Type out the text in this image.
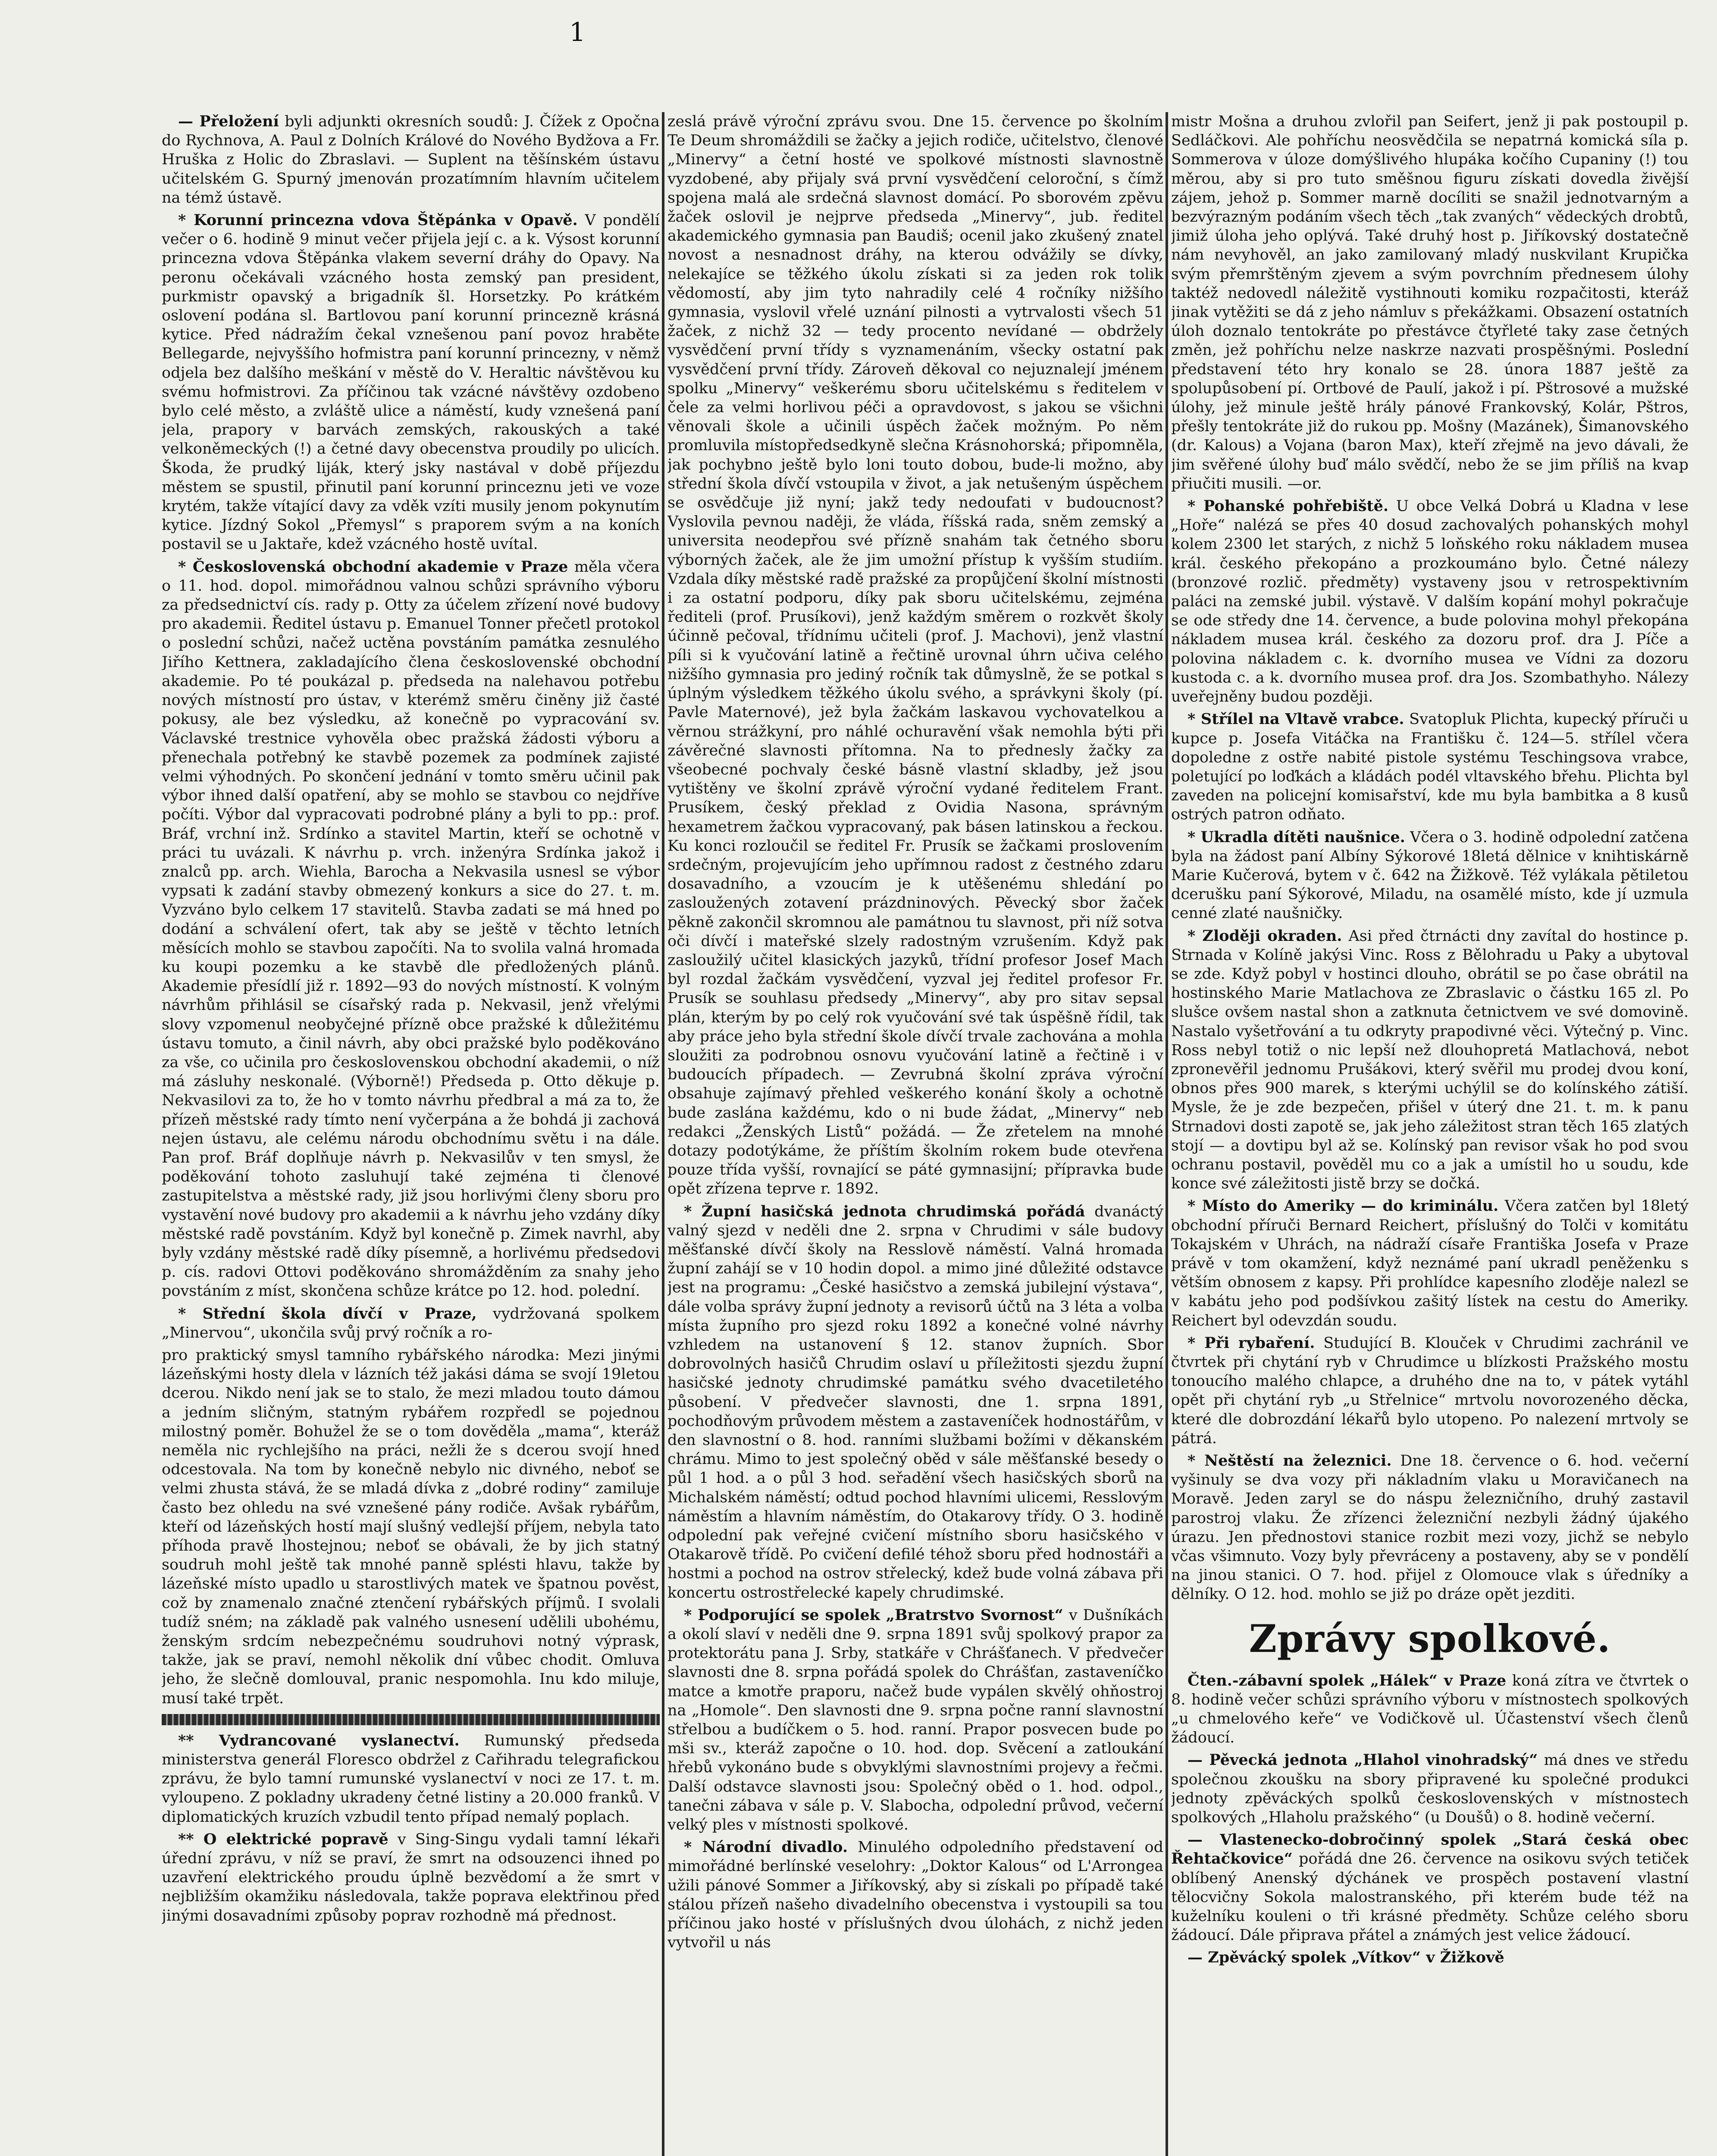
1

— Přeložení byli adjunkti okresních soudů: J. Čížek z Opočna do Rychnova, A. Paul z Dolních Králové do Nového Bydžova a Fr. Hruška z Holic do Zbraslavi. — Suplent na těšínském ústavu učitelském G. Spurný jmenován prozatímním hlavním učitelem na témž ústavě.

* Korunní princezna vdova Štěpánka v Opavě. V pondělí večer o 6. hodině 9 minut večer přijela její c. a k. Výsost korunní princezna vdova Štěpánka vlakem severní dráhy do Opavy. Na peronu očekávali vzácného hosta zemský pan president, purkmistr opavský a brigadník šl. Horsetzky. Po krátkém oslovení podána sl. Bartlovou paní korunní princezně krásná kytice. Před nádražím čekal vznešenou paní povoz hraběte Bellegarde, nejvyššího hofmistra paní korunní princezny, v němž odjela bez dalšího meškání v městě do V. Heraltic návštěvou ku svému hofmistrovi. Za příčinou tak vzácné návštěvy ozdobeno bylo celé město, a zvláště ulice a náměstí, kudy vznešená paní jela, prapory v barvách zemských, rakouských a také velkoněmeckých (!) a četné davy obecenstva proudily po ulicích. Škoda, že prudký liják, který jsky nastával v době příjezdu městem se spustil, přinutil paní korunní princeznu jeti ve voze krytém, takže vítající davy za vděk vzíti musily jenom pokynutím kytice. Jízdný Sokol „Přemysl“ s praporem svým a na koních postavil se u Jaktaře, kdež vzácného hostě uvítal.

* Československá obchodní akademie v Praze měla včera o 11. hod. dopol. mimořádnou valnou schůzi správního výboru za předsednictví cís. rady p. Otty za účelem zřízení nové budovy pro akademii. Ředitel ústavu p. Emanuel Tonner přečetl protokol o poslední schůzi, načež uctěna povstáním památka zesnulého Jiřího Kettnera, zakladajícího člena československé obchodní akademie. Po té poukázal p. předseda na nalehavou potřebu nových místností pro ústav, v kterémž směru činěny již časté pokusy, ale bez výsledku, až konečně po vypracování sv. Václavské trestnice vyhověla obec pražská žádosti výboru a přenechala potřebný ke stavbě pozemek za podmínek zajisté velmi výhodných. Po skončení jednání v tomto směru učinil pak výbor ihned další opatření, aby se mohlo se stavbou co nejdříve počíti. Výbor dal vypracovati podrobné plány a byli to pp.: prof. Bráf, vrchní inž. Srdínko a stavitel Martin, kteří se ochotně v práci tu uvázali. K návrhu p. vrch. inženýra Srdínka jakož i znalců pp. arch. Wiehla, Barocha a Nekvasila usnesl se výbor vypsati k zadání stavby obmezený konkurs a sice do 27. t. m. Vyzváno bylo celkem 17 stavitelů. Stavba zadati se má hned po dodání a schválení ofert, tak aby se ještě v těchto letních měsících mohlo se stavbou započíti. Na to svolila valná hromada ku koupi pozemku a ke stavbě dle předložených plánů. Akademie přesídlí již r. 1892—93 do nových místností. K volným návrhům přihlásil se císařský rada p. Nekvasil, jenž vřelými slovy vzpomenul neobyčejné přízně obce pražské k důležitému ústavu tomuto, a činil návrh, aby obci pražské bylo poděkováno za vše, co učinila pro československou obchodní akademii, o níž má zásluhy neskonalé. (Výborně!) Předseda p. Otto děkuje p. Nekvasilovi za to, že ho v tomto návrhu předbral a má za to, že přízeň městské rady tímto není vyčerpána a že bohdá ji zachová nejen ústavu, ale celému národu obchodnímu světu i na dále. Pan prof. Bráf doplňuje návrh p. Nekvasilův v ten smysl, že poděkování tohoto zasluhují také zejména ti členové zastupitelstva a městské rady, již jsou horlivými členy sboru pro vystavění nové budovy pro akademii a k návrhu jeho vzdány díky městské radě povstáním. Když byl konečně p. Zimek navrhl, aby byly vzdány městské radě díky písemně, a horlivému předsedovi p. cís. radovi Ottovi poděkováno shromážděním za snahy jeho povstáním z míst, skončena schůze krátce po 12. hod. polední.

* Střední škola dívčí v Praze, vydržovaná spolkem „Minervou“, ukončila svůj prvý ročník a ro-

pro praktický smysl tamního rybářského národka: Mezi jinými lázeňskými hosty dlela v lázních též jakási dáma se svojí 19letou dcerou. Nikdo není jak se to stalo, že mezi mladou touto dámou a jedním sličným, statným rybářem rozpředl se pojednou milostný poměr. Bohužel že se o tom dověděla „mama“, kteráž neměla nic rychlejšího na práci, nežli že s dcerou svojí hned odcestovala. Na tom by konečně nebylo nic divného, neboť se velmi zhusta stává, že se mladá dívka z „dobré rodiny“ zamiluje často bez ohledu na své vznešené pány rodiče. Avšak rybářům, kteří od lázeňských hostí mají slušný vedlejší příjem, nebyla tato příhoda pravě lhostejnou; neboť se obávali, že by jich statný soudruh mohl ještě tak mnohé panně splésti hlavu, takže by lázeňské místo upadlo u starostlivých matek ve špatnou pověst, což by znamenalo značné ztenčení rybářských příjmů. I svolali tudíž sném; na základě pak valného usnesení udělili ubohému, ženským srdcím nebezpečnému soudruhovi notný výprask, takže, jak se praví, nemohl několik dní vůbec chodit. Omluva jeho, že slečně domlouval, pranic nespomohla. Inu kdo miluje, musí také trpět.

** Vydrancované vyslanectví. Rumunský předseda ministerstva generál Floresco obdržel z Cařihradu telegrafickou zprávu, že bylo tamní rumunské vyslanectví v noci ze 17. t. m. vyloupeno. Z pokladny ukradeny četné listiny a 20.000 franků. V diplomatických kruzích vzbudil tento případ nemalý poplach.

** O elektrické popravě v Sing-Singu vydali tamní lékaři úřední zprávu, v níž se praví, že smrt na odsouzenci ihned po uzavření elektrického proudu úplně bezvědomí a že smrt v nejbližším okamžiku následovala, takže poprava elektřinou před jinými dosavadními způsoby poprav rozhodně má přednost.

zeslá právě výroční zprávu svou. Dne 15. července po školním Te Deum shromáždili se žačky a jejich rodiče, učitelstvo, členové „Minervy“ a četní hosté ve spolkové místnosti slavnostně vyzdobené, aby přijaly svá první vysvědčení celoroční, s čímž spojena malá ale srdečná slavnost domácí. Po sborovém zpěvu žaček oslovil je nejprve předseda „Minervy“, jub. ředitel akademického gymnasia pan Baudiš; ocenil jako zkušený znatel novost a nesnadnost dráhy, na kterou odvážily se dívky, nelekajíce se těžkého úkolu získati si za jeden rok tolik vědomostí, aby jim tyto nahradily celé 4 ročníky nižšího gymnasia, vyslovil vřelé uznání pilnosti a vytrvalosti všech 51 žaček, z nichž 32 — tedy procento nevídané — obdržely vysvědčení první třídy s vyznamenáním, všecky ostatní pak vysvědčení první třídy. Zároveň děkoval co nejuznalejí jménem spolku „Minervy“ veškerému sboru učitelskému s ředitelem v čele za velmi horlivou péči a opravdovost, s jakou se všichni věnovali škole a učinili úspěch žaček možným. Po něm promluvila místopředsedkyně slečna Krásnohorská; připomněla, jak pochybno ještě bylo loni touto dobou, bude-li možno, aby střední škola dívčí vstoupila v život, a jak netušeným úspěchem se osvědčuje již nyní; jakž tedy nedoufati v budoucnost? Vyslovila pevnou naději, že vláda, říšská rada, sněm zemský a universita neodepřou své přízně snahám tak četného sboru výborných žaček, ale že jim umožní přístup k vyšším studiím. Vzdala díky městské radě pražské za propůjčení školní místnosti i za ostatní podporu, díky pak sboru učitelskému, zejména řediteli (prof. Prusíkovi), jenž každým směrem o rozkvět školy účinně pečoval, třídnímu učiteli (prof. J. Machovi), jenž vlastní píli si k vyučování latině a řečtině urovnal úhrn učiva celého nižšího gymnasia pro jediný ročník tak důmyslně, že se potkal s úplným výsledkem těžkého úkolu svého, a správkyni školy (pí. Pavle Maternové), jež byla žačkám laskavou vychovatelkou a věrnou strážkyní, pro náhlé ochuravění však nemohla býti při závěrečné slavnosti přítomna. Na to přednesly žačky za všeobecné pochvaly české básně vlastní skladby, jež jsou vytištěny ve školní zprávě výroční vydané ředitelem Frant. Prusíkem, český překlad z Ovidia Nasona, správným hexametrem žačkou vypracovaný, pak básen latinskou a řeckou. Ku konci rozloučil se ředitel Fr. Prusík se žačkami proslovením srdečným, projevujícím jeho upřímnou radost z čestného zdaru dosavadního, a vzoucím je k utěšenému shledání po zasloužených zotavení prázdninových. Pěvecký sbor žaček pěkně zakončil skromnou ale památnou tu slavnost, při níž sotva oči dívčí i mateřské slzely radostným vzrušením. Když pak zasloužilý učitel klasických jazyků, třídní profesor Josef Mach byl rozdal žačkám vysvědčení, vyzval jej ředitel profesor Fr. Prusík se souhlasu předsedy „Minervy“, aby pro sitav sepsal plán, kterým by po celý rok vyučování své tak úspěšně řídil, tak aby práce jeho byla střední škole dívčí trvale zachována a mohla sloužiti za podrobnou osnovu vyučování latině a řečtině i v budoucích případech. — Zevrubná školní zpráva výroční obsahuje zajímavý přehled veškerého konání školy a ochotně bude zaslána každému, kdo o ni bude žádat, „Minervy“ neb redakci „Ženských Listů“ požádá. — Že zřetelem na mnohé dotazy podotýkáme, že příštím školním rokem bude otevřena pouze třída vyšší, rovnající se páté gymnasijní; přípravka bude opět zřízena teprve r. 1892.

* Župní hasičská jednota chrudimská pořádá dvanáctý valný sjezd v neděli dne 2. srpna v Chrudimi v sále budovy měšťanské dívčí školy na Resslově náměstí. Valná hromada župní zahájí se v 10 hodin dopol. a mimo jiné důležité odstavce jest na programu: „České hasičstvo a zemská jubilejní výstava“, dále volba správy župní jednoty a revisorů účtů na 3 léta a volba místa župního pro sjezd roku 1892 a konečné volné návrhy vzhledem na ustanovení § 12. stanov župních. Sbor dobrovolných hasičů Chrudim oslaví u příležitosti sjezdu župní hasičské jednoty chrudimské památku svého dvacetiletého působení. V předvečer slavnosti, dne 1. srpna 1891, pochodňovým průvodem městem a zastaveníček hodnostářům, v den slavnostní o 8. hod. ranními službami božími v děkanském chrámu. Mimo to jest společný oběd v sále měšťanské besedy o půl 1 hod. a o půl 3 hod. seřadění všech hasičských sborů na Michalském náměstí; odtud pochod hlavními ulicemi, Resslovým náměstím a hlavním náměstím, do Otakarovy třídy. O 3. hodině odpolední pak veřejné cvičení místního sboru hasičského v Otakarově třídě. Po cvičení defilé téhož sboru před hodnostáři a hostmi a pochod na ostrov střelecký, kdež bude volná zábava při koncertu ostrostřelecké kapely chrudimské.

* Podporující se spolek „Bratrstvo Svornost“ v Dušníkách a okolí slaví v neděli dne 9. srpna 1891 svůj spolkový prapor za protektorátu pana J. Srby, statkáře v Chrášťanech. V předvečer slavnosti dne 8. srpna pořádá spolek do Chrášťan, zastaveníčko matce a kmotře praporu, načež bude vypálen skvělý ohňostroj na „Homole“. Den slavnosti dne 9. srpna počne ranní slavnostní střelbou a budíčkem o 5. hod. ranní. Prapor posvecen bude po mši sv., kteráž započne o 10. hod. dop. Svěcení a zatloukání hřebů vykonáno bude s obvyklými slavnostními projevy a řečmi. Další odstavce slavnosti jsou: Společný oběd o 1. hod. odpol., tanečni zábava v sále p. V. Slabocha, odpolední průvod, večerní velký ples v místnosti spolkové.

* Národní divadlo. Minulého odpoledního představení od mimořádné berlínské veselohry: „Doktor Kalous“ od L'Arrongea užili pánové Sommer a Jiříkovský, aby si získali po případě také stálou přízeň našeho divadelního obecenstva i vystoupili sa tou příčinou jako hosté v příslušných dvou úlohách, z nichž jeden vytvořil u nás

mistr Mošna a druhou zvlořil pan Seifert, jenž ji pak postoupil p. Sedláčkovi. Ale pohříchu neosvědčila se nepatrná komická síla p. Sommerova v úloze domýšlivého hlupáka kočího Cupaniny (!) tou měrou, aby si pro tuto směšnou figuru získati dovedla živější zájem, jehož p. Sommer marně docíliti se snažil jednotvarným a bezvýrazným podáním všech těch „tak zvaných“ vědeckých drobtů, jimiž úloha jeho oplývá. Také druhý host p. Jiříkovský dostatečně nám nevyhověl, an jako zamilovaný mladý nuskvilant Krupička svým přemrštěným zjevem a svým povrchním přednesem úlohy taktéž nedovedl náležitě vystihnouti komiku rozpačitosti, kteráž jinak vytěžiti se dá z jeho námluv s překážkami. Obsazení ostatních úloh doznalo tentokráte po přestávce čtyřleté taky zase četných změn, jež pohříchu nelze naskrze nazvati prospěšnými. Poslední představení této hry konalo se 28. února 1887 ještě za spolupůsobení pí. Ortbové de Paulí, jakož i pí. Pštrosové a mužské úlohy, jež minule ještě hrály pánové Frankovský, Kolár, Pštros, přešly tentokráte již do rukou pp. Mošny (Mazánek), Šimanovského (dr. Kalous) a Vojana (baron Max), kteří zřejmě na jevo dávali, že jim svěřené úlohy buď málo svědčí, nebo že se jim příliš na kvap přiučiti musili. —or.

* Pohanské pohřebiště. U obce Velká Dobrá u Kladna v lese „Hoře“ nalézá se přes 40 dosud zachovalých pohanských mohyl kolem 2300 let starých, z nichž 5 loňského roku nákladem musea král. českého překopáno a prozkoumáno bylo. Četné nálezy (bronzové rozlič. předměty) vystaveny jsou v retrospektivním paláci na zemské jubil. výstavě. V dalším kopání mohyl pokračuje se ode středy dne 14. července, a bude polovina mohyl překopána nákladem musea král. českého za dozoru prof. dra J. Píče a polovina nákladem c. k. dvorního musea ve Vídni za dozoru kustoda c. a k. dvorního musea prof. dra Jos. Szombathyho. Nálezy uveřejněny budou později.

* Střílel na Vltavě vrabce. Svatopluk Plichta, kupecký příruči u kupce p. Josefa Vitáčka na Františku č. 124—5. střílel včera dopoledne z ostře nabité pistole systému Teschingsova vrabce, poletující po loďkách a kládách podél vltavského břehu. Plichta byl zaveden na policejní komisařství, kde mu byla bambitka a 8 kusů ostrých patron odňato.

* Ukradla dítěti naušnice. Včera o 3. hodině odpolední zatčena byla na žádost paní Albíny Sýkorové 18letá dělnice v knihtiskárně Marie Kučerová, bytem v č. 642 na Žižkově. Též vylákala pětiletou dcerušku paní Sýkorové, Miladu, na osamělé místo, kde jí uzmula cenné zlaté naušničky.

* Zloději okraden. Asi před čtrnácti dny zavítal do hostince p. Strnada v Kolíně jakýsi Vinc. Ross z Bělohradu u Paky a ubytoval se zde. Když pobyl v hostinci dlouho, obrátil se po čase obrátil na hostinského Marie Matlachova ze Zbraslavic o částku 165 zl. Po slušce ovšem nastal shon a zatknuta četnictvem ve své domovině. Nastalo vyšetřování a tu odkryty prapodivné věci. Výtečný p. Vinc. Ross nebyl totiž o nic lepší než dlouhopretá Matlachová, nebot zpronevěřil jednomu Prušákovi, který svěřil mu prodej dvou koní, obnos přes 900 marek, s kterými uchýlil se do kolínského zátiší. Mysle, že je zde bezpečen, přišel v úterý dne 21. t. m. k panu Strnadovi dosti zapotě se, jak jeho záležitost stran těch 165 zlatých stojí — a dovtipu byl až se. Kolínský pan revisor však ho pod svou ochranu postavil, pověděl mu co a jak a umístil ho u soudu, kde konce své záležitosti jistě brzy se dočká.

* Místo do Ameriky — do kriminálu. Včera zatčen byl 18letý obchodní příruči Bernard Reichert, příslušný do Tolči v komitátu Tokajském v Uhrách, na nádraží císaře Františka Josefa v Praze právě v tom okamžení, když neznámé paní ukradl peněženku s větším obnosem z kapsy. Při prohlídce kapesního zloděje nalezl se v kabátu jeho pod podšívkou zašitý lístek na cestu do Ameriky. Reichert byl odevzdán soudu.

* Při rybaření. Studující B. Klouček v Chrudimi zachránil ve čtvrtek při chytání ryb v Chrudimce u blízkosti Pražského mostu tonoucího malého chlapce, a druhého dne na to, v pátek vytáhl opět při chytání ryb „u Střelnice“ mrtvolu novorozeného děcka, které dle dobrozdání lékařů bylo utopeno. Po nalezení mrtvoly se pátrá.

* Neštěstí na železnici. Dne 18. července o 6. hod. večerní vyšinuly se dva vozy při nákladním vlaku u Moravičanech na Moravě. Jeden zaryl se do náspu železničního, druhý zastavil parostroj vlaku. Že zřízenci železniční nezbyli žádný újakého úrazu. Jen přednostovi stanice rozbit mezi vozy, jichž se nebylo včas všimnuto. Vozy byly převráceny a postaveny, aby se v pondělí na jinou stanici. O 7. hod. přijel z Olomouce vlak s úředníky a dělníky. O 12. hod. mohlo se již po dráze opět jezditi.

Zprávy spolkové.

Čten.-zábavní spolek „Hálek“ v Praze koná zítra ve čtvrtek o 8. hodině večer schůzi správního výboru v místnostech spolkových „u chmelového keře“ ve Vodičkově ul. Účastenství všech členů žádoucí.

— Pěvecká jednota „Hlahol vinohradský“ má dnes ve středu společnou zkoušku na sbory připravené ku společné produkci jednoty zpěváckých spolků československých v místnostech spolkových „Hlaholu pražského“ (u Doušů) o 8. hodině večerní.

— Vlastenecko-dobročinný spolek „Stará česká obec Řehtačkovice“ pořádá dne 26. července na osikovu svých tetiček oblíbený Anenský dýchánek ve prospěch postavení vlastní tělocvičny Sokola malostranského, při kterém bude též na kuželníku kouleni o tři krásné předměty. Schůze celého sboru žádoucí. Dále připrava přátel a známých jest velice žádoucí.

— Zpěvácký spolek „Vítkov“ v Žižkově
